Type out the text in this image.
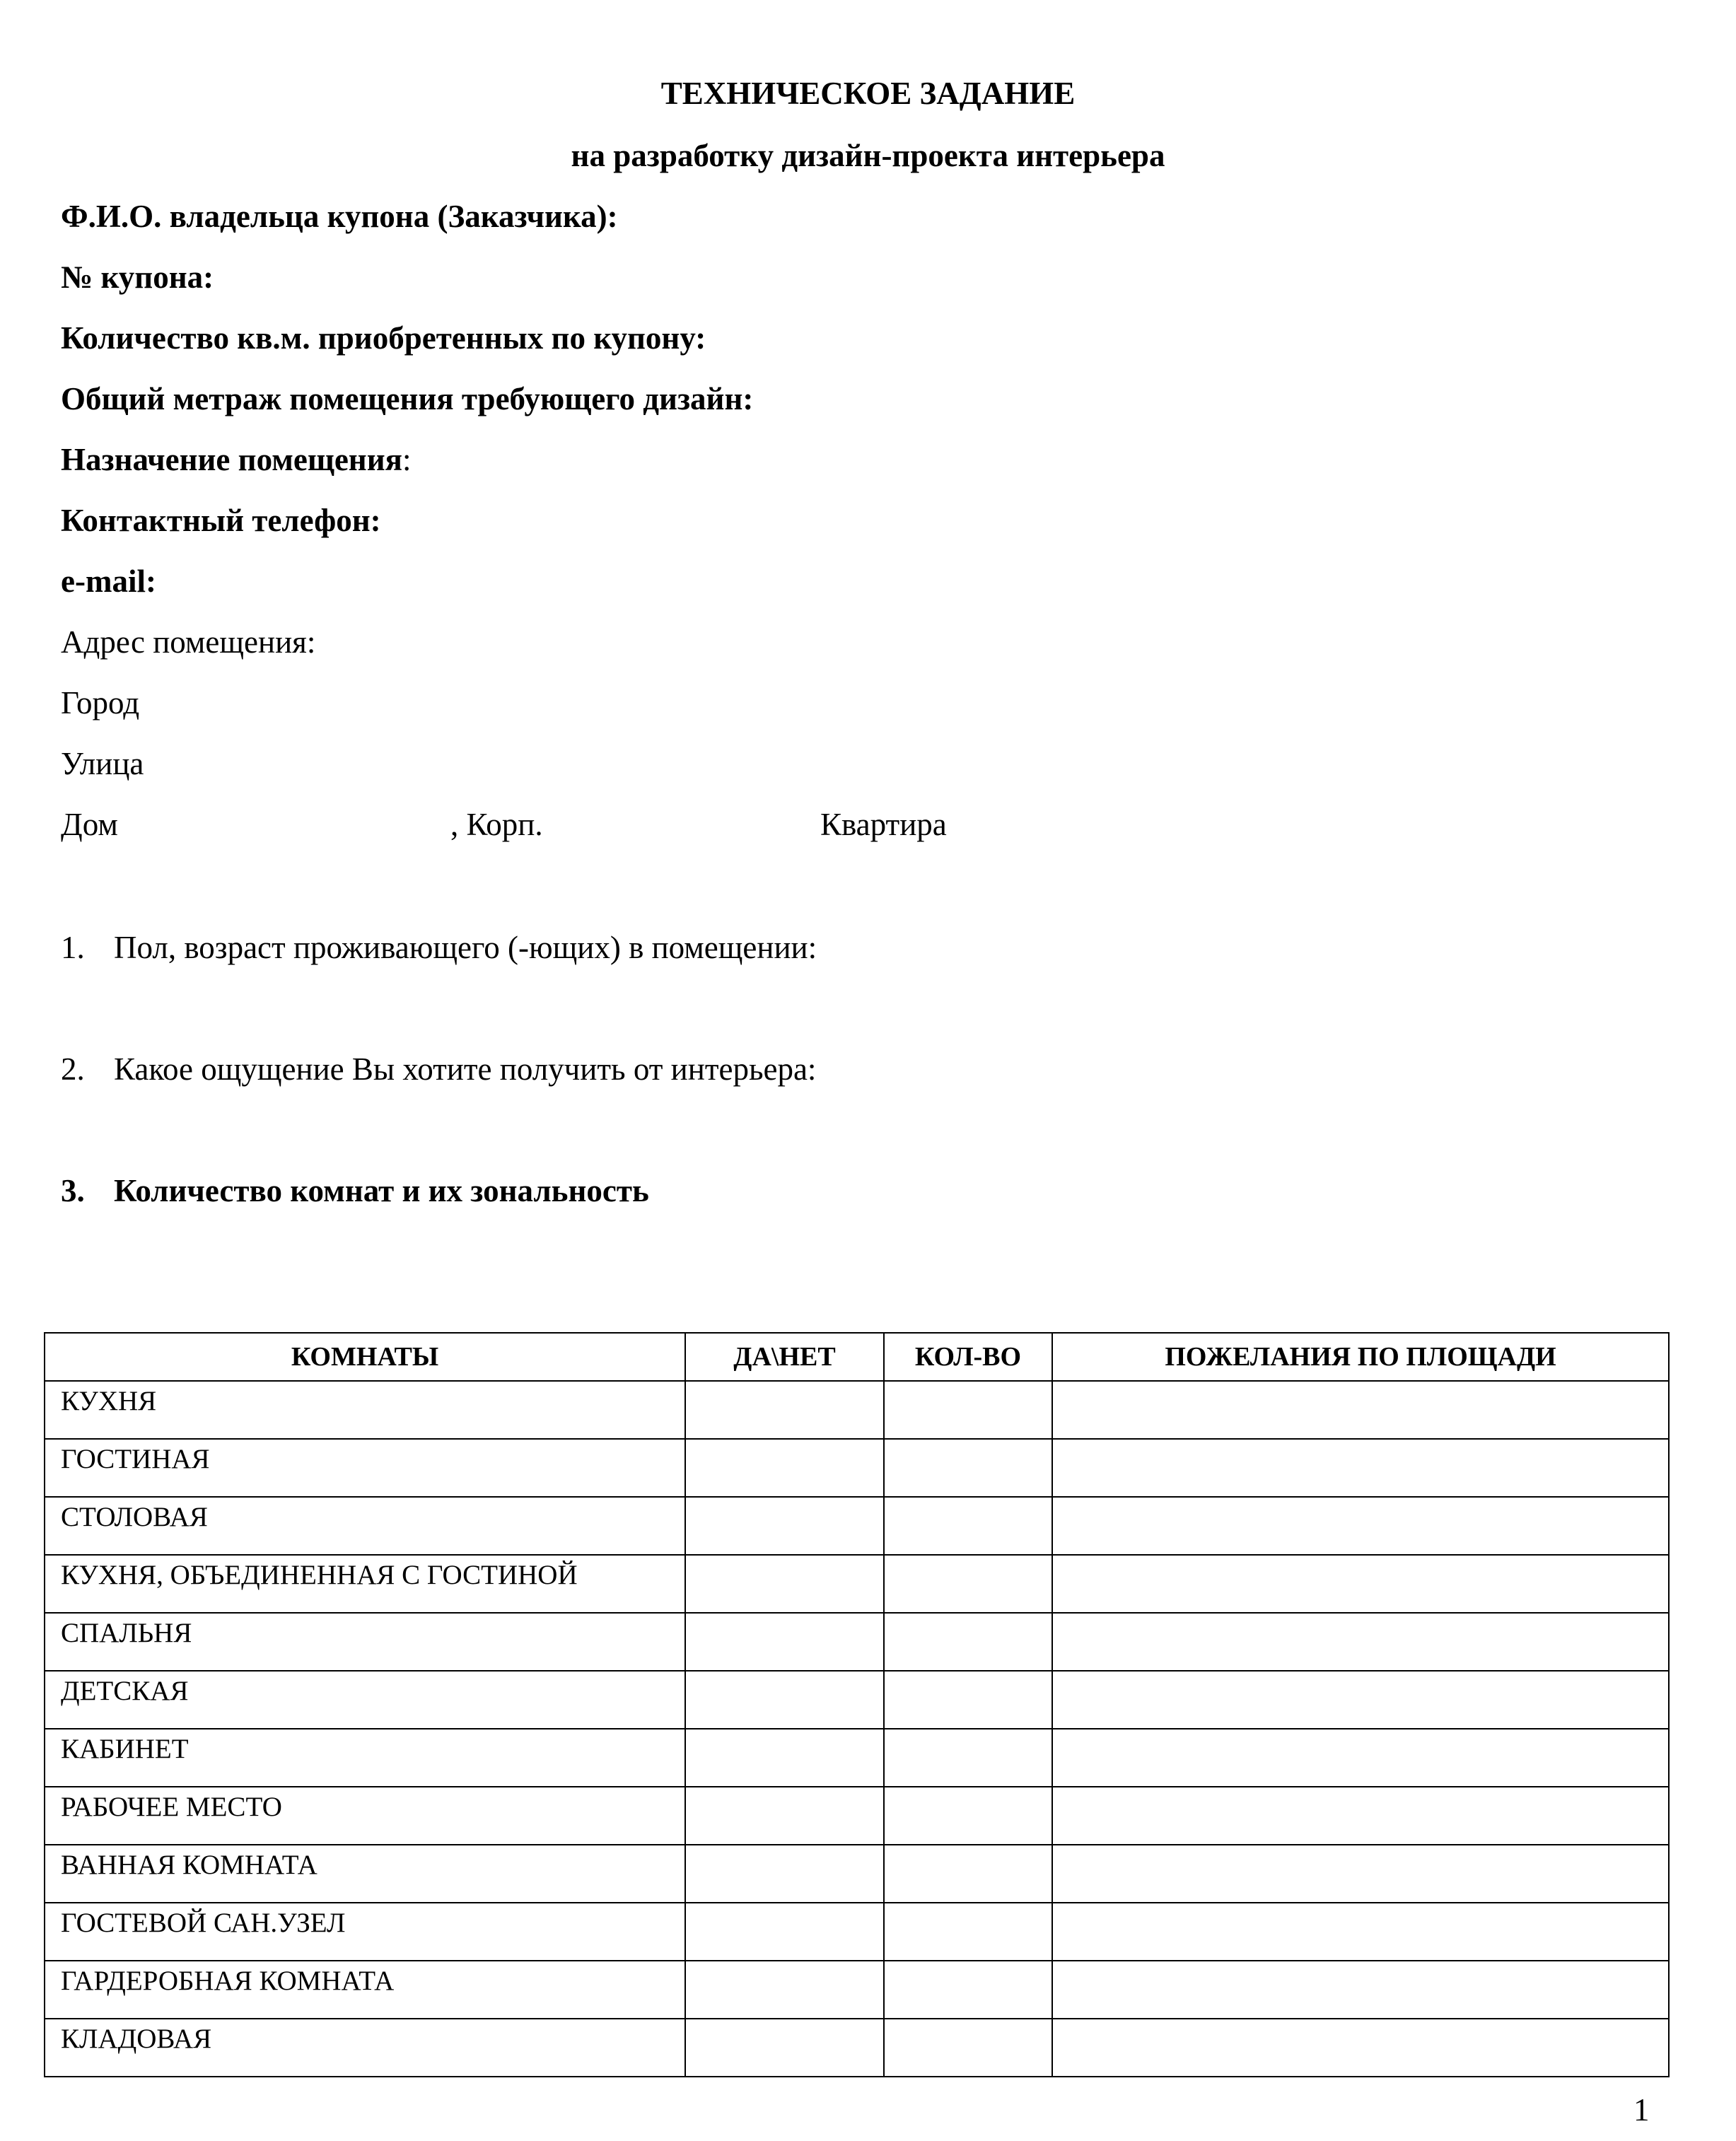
ТЕХНИЧЕСКОЕ ЗАДАНИЕ
на разработку дизайн-проекта интерьера
Ф.И.О. владельца купона (Заказчика):
№ купона:
Количество кв.м. приобретенных по купону:
Общий метраж помещения требующего дизайн:
Назначение помещения:
Контактный телефон:
e-mail:
Адрес помещения:
Город
Улица
Дом	, Корп.	Квартира
1. Пол, возраст проживающего (-ющих) в помещении:
2. Какое ощущение Вы хотите получить от интерьера:
3. Количество комнат и их зональность
КОМНАТЫ	ДА\НЕТ	КОЛ-ВО	ПОЖЕЛАНИЯ ПО ПЛОЩАДИ
КУХНЯ			
ГОСТИНАЯ			
СТОЛОВАЯ			
КУХНЯ, ОБЪЕДИНЕННАЯ С ГОСТИНОЙ			
СПАЛЬНЯ			
ДЕТСКАЯ			
КАБИНЕТ			
РАБОЧЕЕ МЕСТО			
ВАННАЯ КОМНАТА			
ГОСТЕВОЙ САН.УЗЕЛ			
ГАРДЕРОБНАЯ КОМНАТА			
КЛАДОВАЯ			
1
